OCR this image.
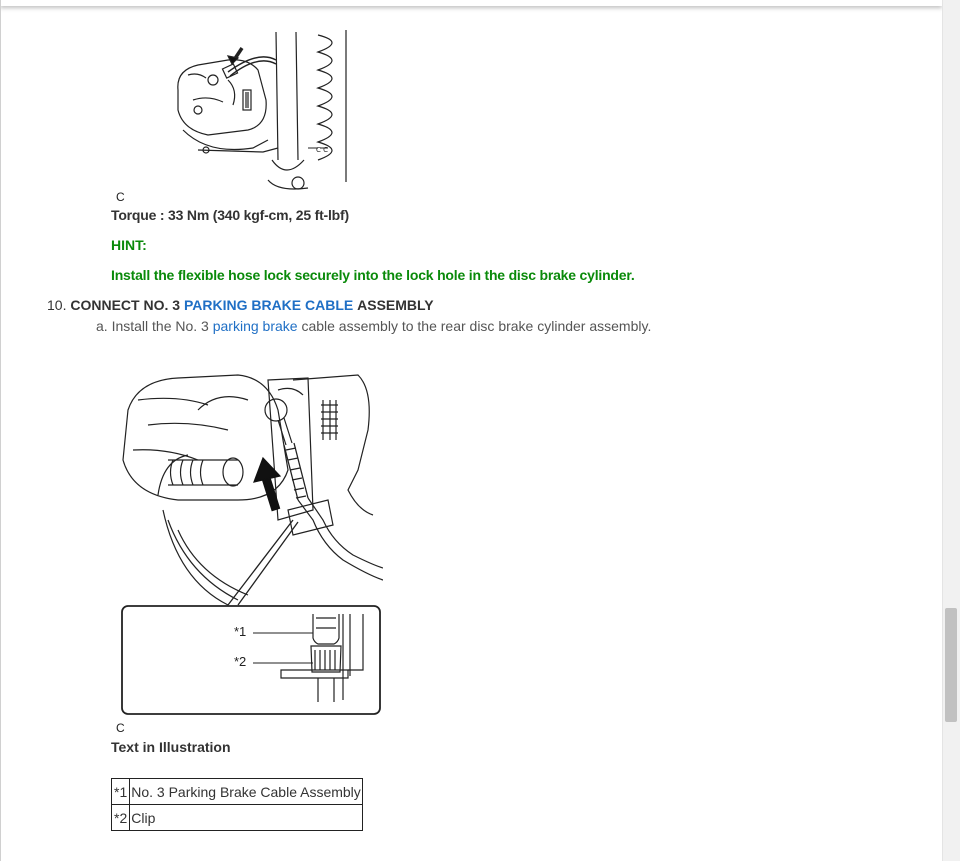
C C
C
Torque : 33 Nm (340 kgf-cm, 25 ft-lbf)
HINT:
Install the flexible hose lock securely into the lock hole in the disc brake cylinder.
10. CONNECT NO. 3 PARKING BRAKE CABLE ASSEMBLY
a. Install the No. 3 parking brake cable assembly to the rear disc brake cylinder assembly.
*1
*2
C
Text in Illustration
*1	No. 3 Parking Brake Cable Assembly
*2	Clip
